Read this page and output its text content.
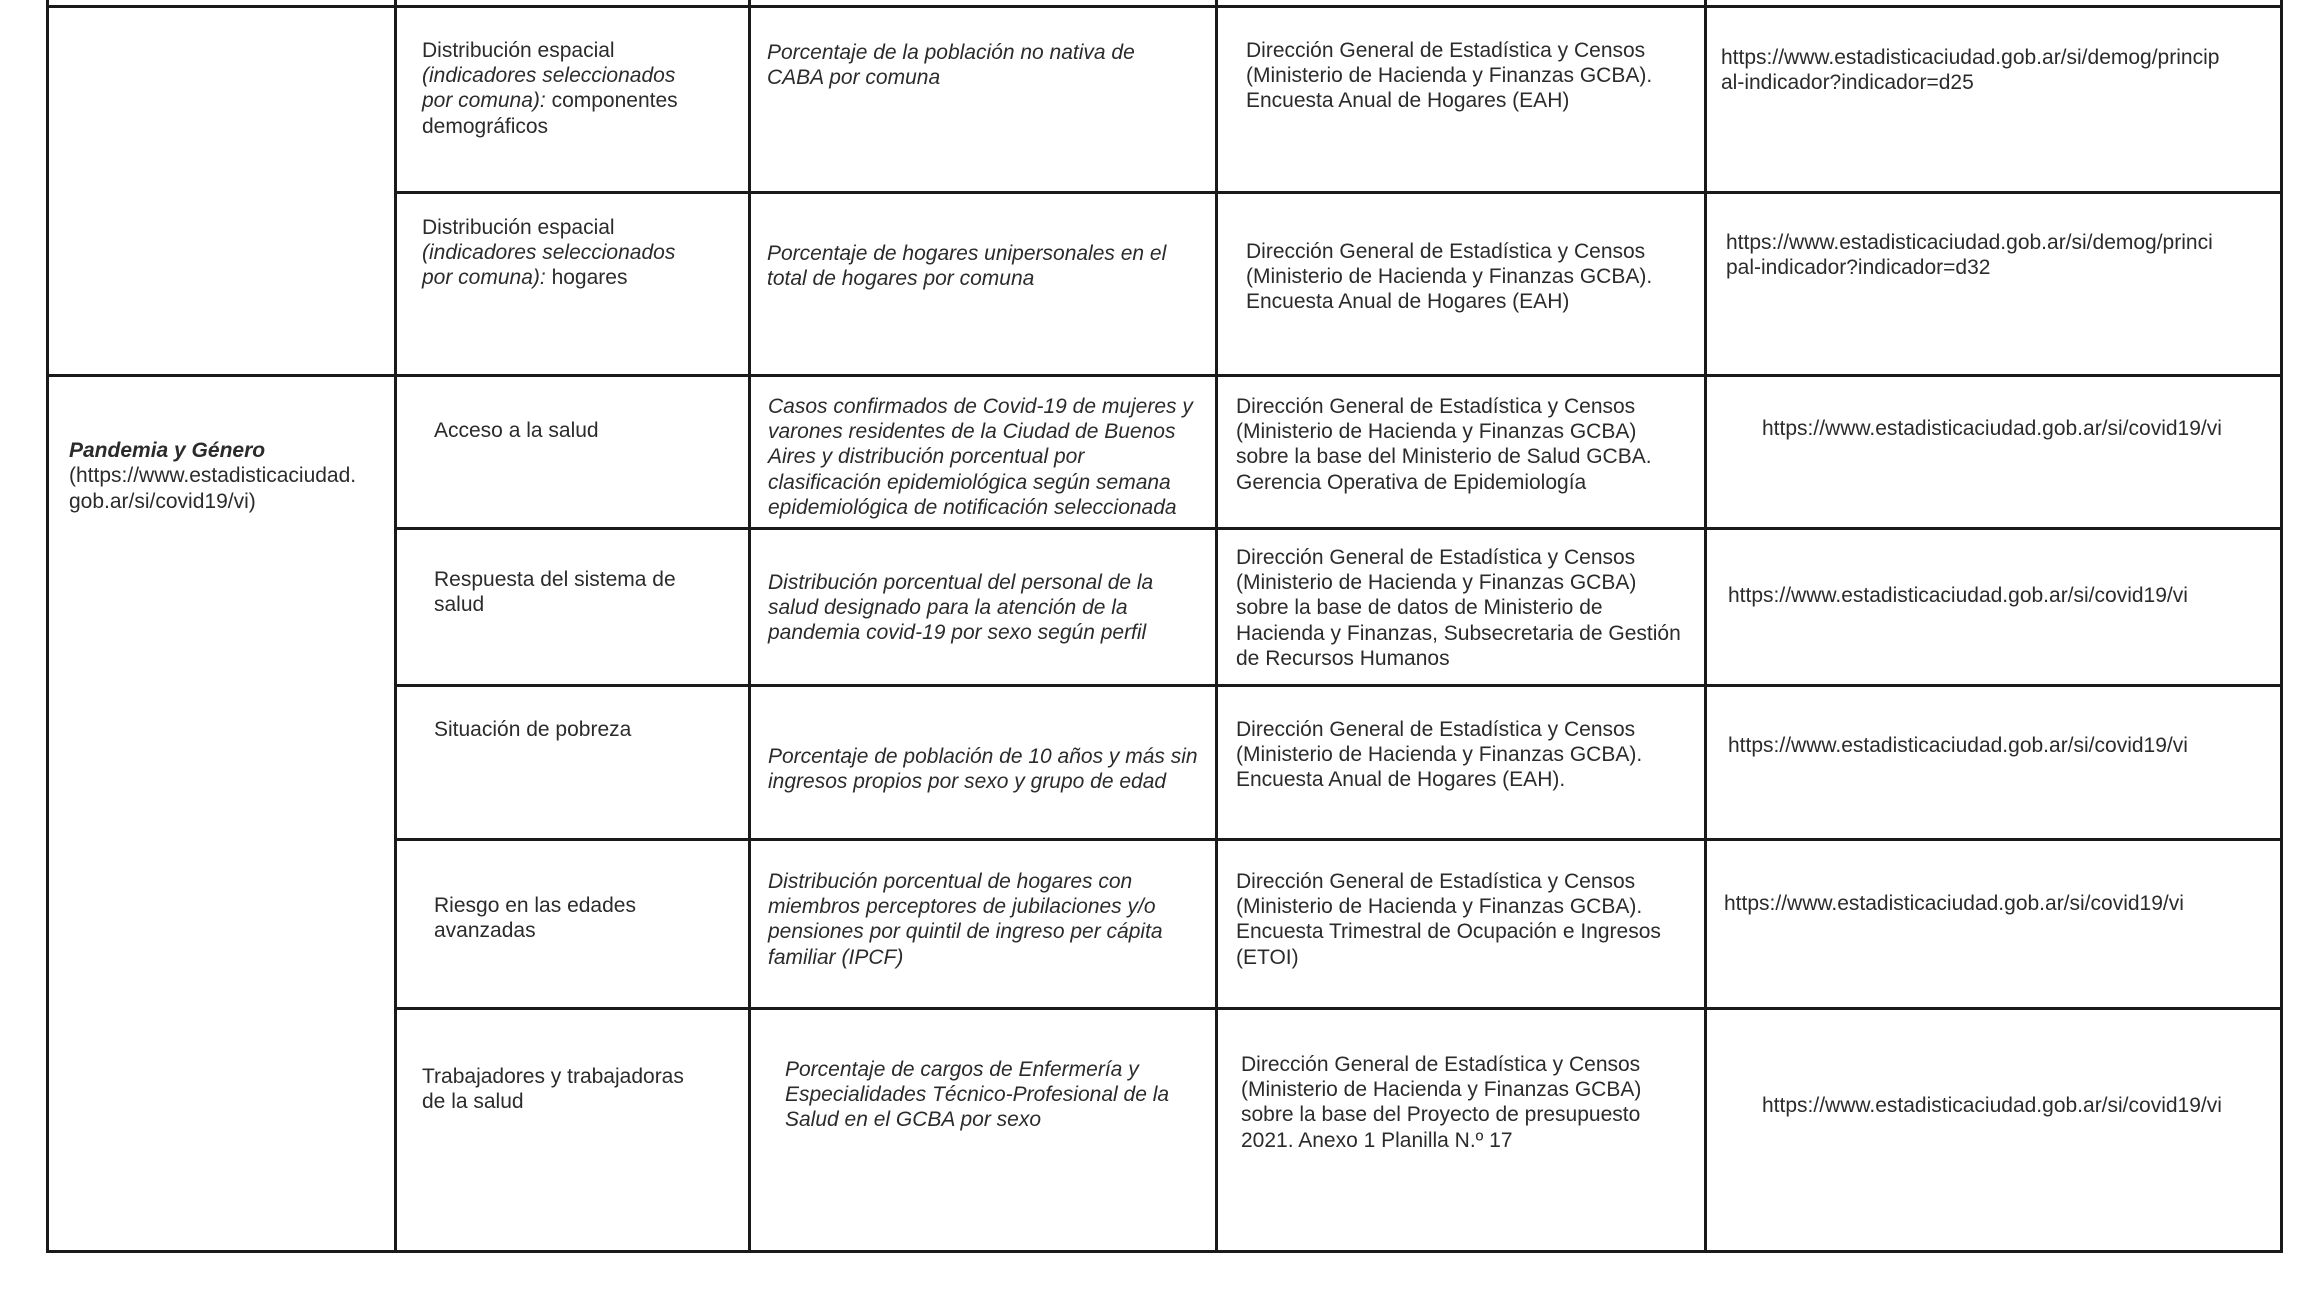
Pandemia y Género

(https://www.estadisticaciudad.
gob.ar/si/covid19/vi)

Distribución espacial
(indicadores seleccionados
por comuna): componentes
demográficos
Porcentaje de la población no nativa de
CABA por comuna
Dirección General de Estadística y Censos
(Ministerio de Hacienda y Finanzas GCBA).
Encuesta Anual de Hogares (EAH)
https://www.estadisticaciudad.gob.ar/si/demog/princip
al-indicador?indicador=d25
Distribución espacial
(indicadores seleccionados
por comuna): hogares
Porcentaje de hogares unipersonales en el
total de hogares por comuna
Dirección General de Estadística y Censos
(Ministerio de Hacienda y Finanzas GCBA).
Encuesta Anual de Hogares (EAH)
https://www.estadisticaciudad.gob.ar/si/demog/princi
pal-indicador?indicador=d32
Acceso a la salud
Casos confirmados de Covid-19 de mujeres y
varones residentes de la Ciudad de Buenos
Aires y distribución porcentual por
clasificación epidemiológica según semana
epidemiológica de notificación seleccionada
Dirección General de Estadística y Censos
(Ministerio de Hacienda y Finanzas GCBA)
sobre la base del Ministerio de Salud GCBA.
Gerencia Operativa de Epidemiología
https://www.estadisticaciudad.gob.ar/si/covid19/vi
Respuesta del sistema de
salud
Distribución porcentual del personal de la
salud designado para la atención de la
pandemia covid-19 por sexo según perfil
Dirección General de Estadística y Censos
(Ministerio de Hacienda y Finanzas GCBA)
sobre la base de datos de Ministerio de
Hacienda y Finanzas, Subsecretaria de Gestión
de Recursos Humanos
https://www.estadisticaciudad.gob.ar/si/covid19/vi
Situación de pobreza
Porcentaje de población de 10 años y más sin
ingresos propios por sexo y grupo de edad
Dirección General de Estadística y Censos
(Ministerio de Hacienda y Finanzas GCBA).
Encuesta Anual de Hogares (EAH).
https://www.estadisticaciudad.gob.ar/si/covid19/vi
Riesgo en las edades
avanzadas
Distribución porcentual de hogares con
miembros perceptores de jubilaciones y/o
pensiones por quintil de ingreso per cápita
familiar (IPCF)
Dirección General de Estadística y Censos
(Ministerio de Hacienda y Finanzas GCBA).
Encuesta Trimestral de Ocupación e Ingresos
(ETOI)
https://www.estadisticaciudad.gob.ar/si/covid19/vi
Trabajadores y trabajadoras
de la salud
Porcentaje de cargos de Enfermería y
Especialidades Técnico-Profesional de la
Salud en el GCBA por sexo
Dirección General de Estadística y Censos
(Ministerio de Hacienda y Finanzas GCBA)
sobre la base del Proyecto de presupuesto
2021. Anexo 1 Planilla N.º 17
https://www.estadisticaciudad.gob.ar/si/covid19/vi
